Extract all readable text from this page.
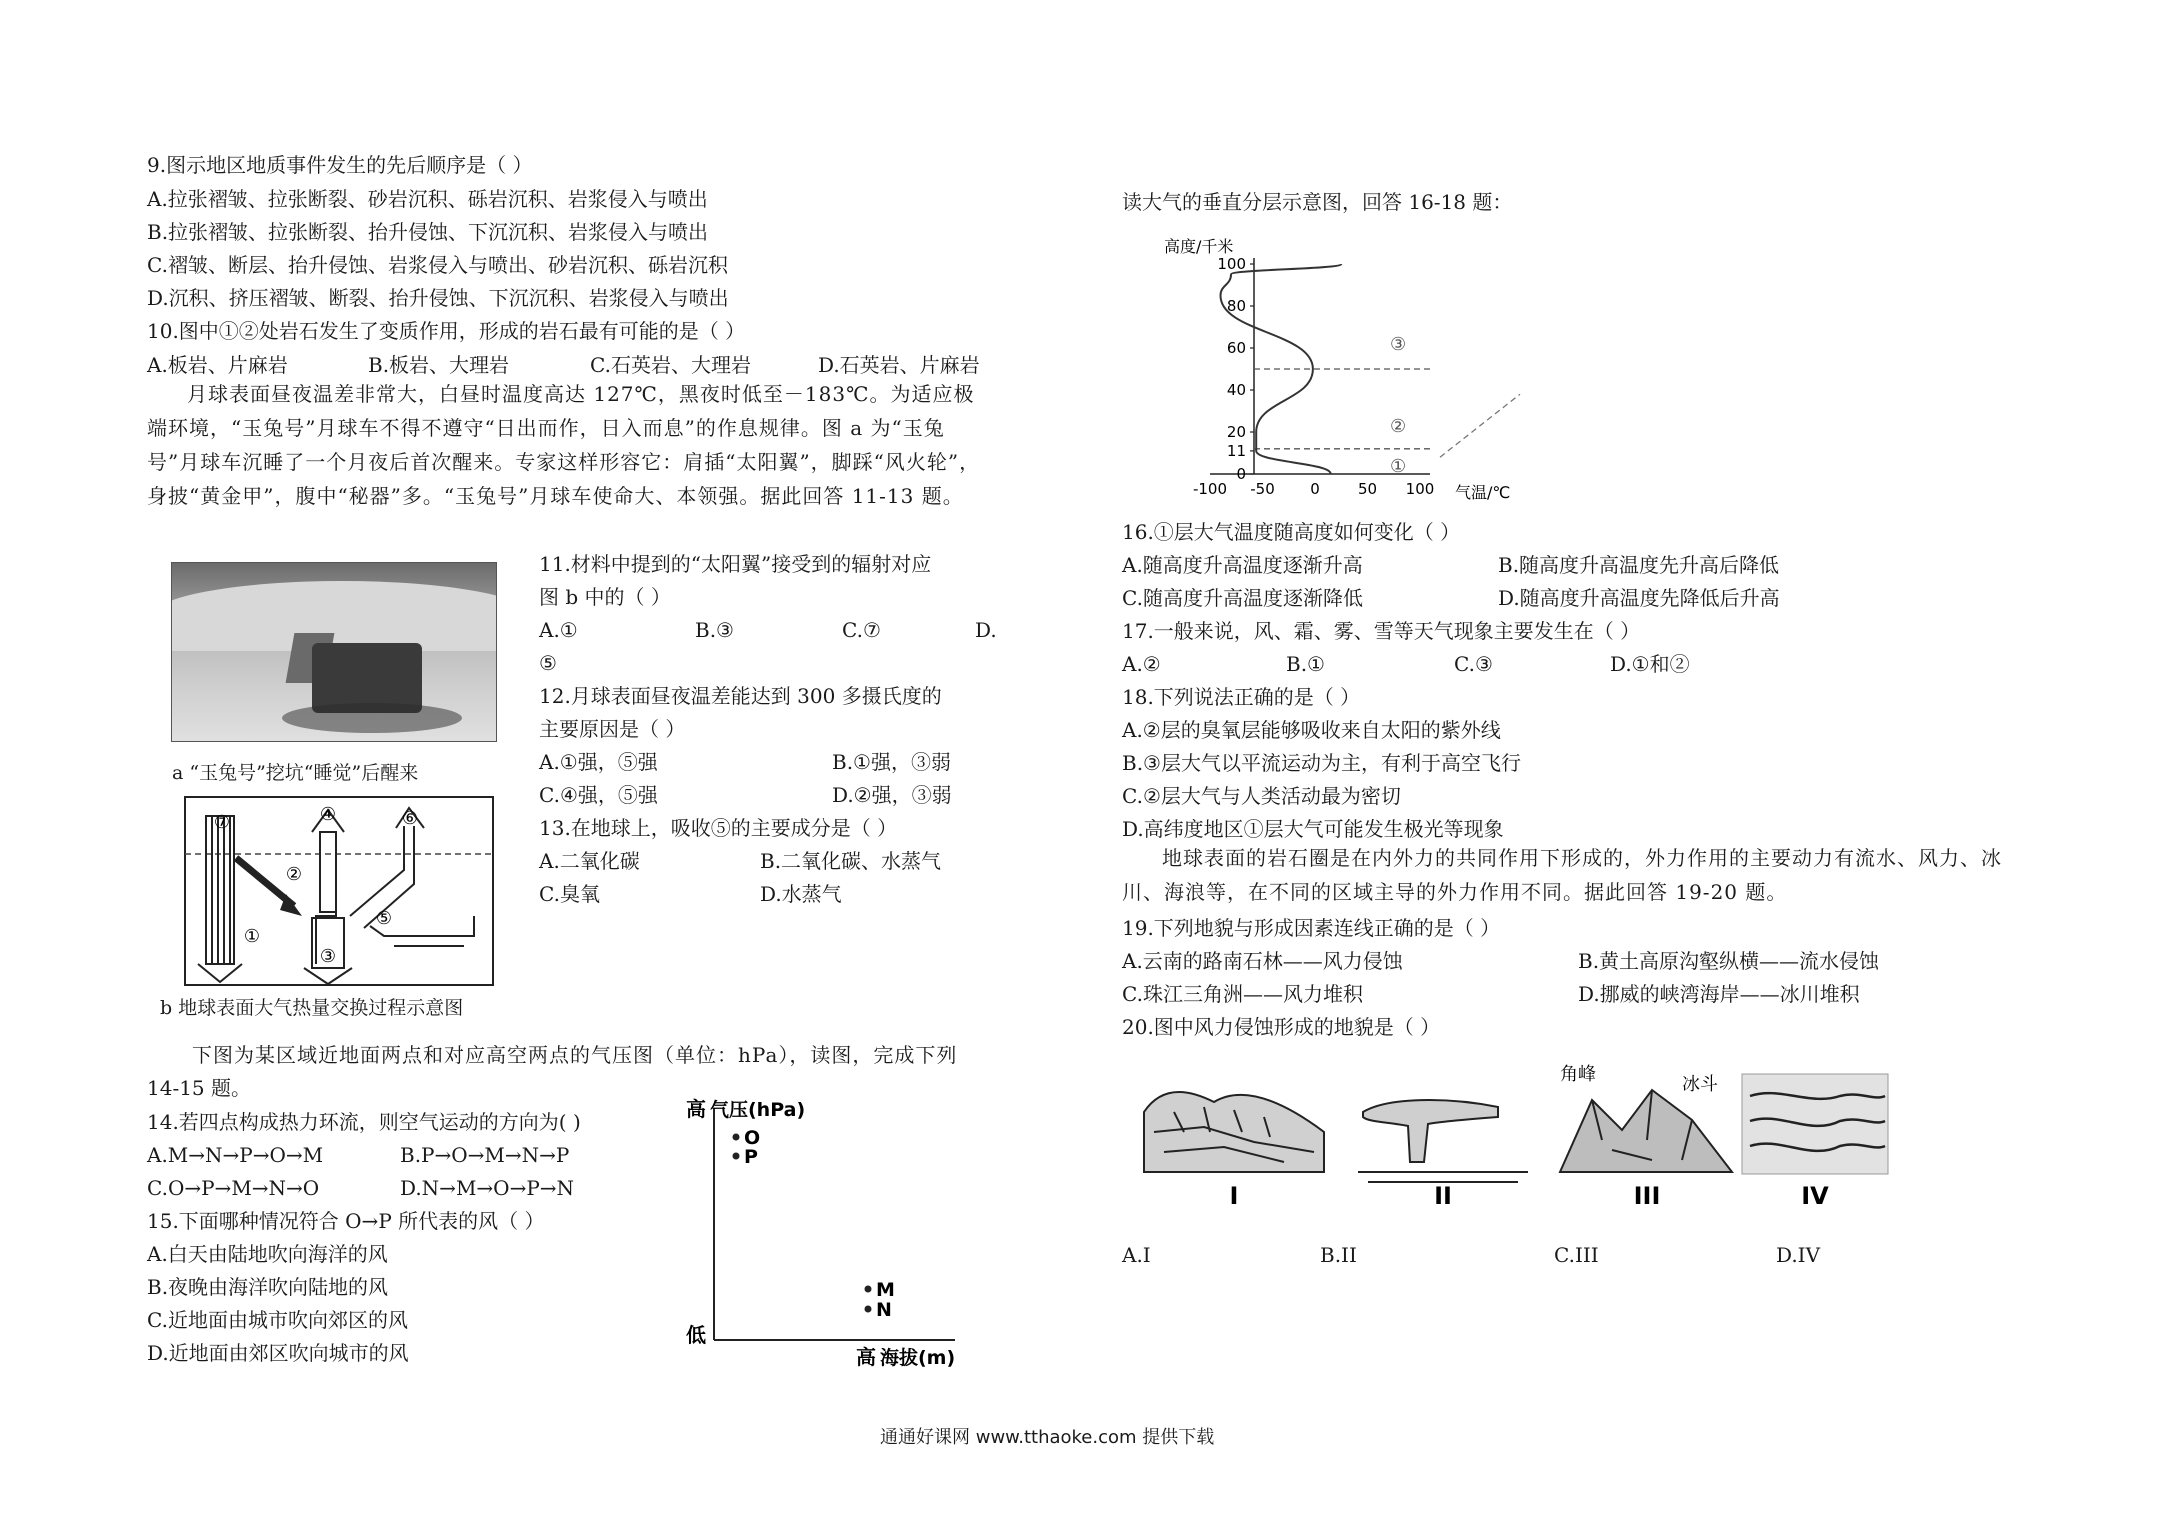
9.图示地区地质事件发生的先后顺序是（ ）
A.拉张褶皱、拉张断裂、砂岩沉积、砾岩沉积、岩浆侵入与喷出
B.拉张褶皱、拉张断裂、抬升侵蚀、下沉沉积、岩浆侵入与喷出
C.褶皱、断层、抬升侵蚀、岩浆侵入与喷出、砂岩沉积、砾岩沉积
D.沉积、挤压褶皱、断裂、抬升侵蚀、下沉沉积、岩浆侵入与喷出
10.图中①②处岩石发生了变质作用，形成的岩石最有可能的是（ ）
A.板岩、片麻岩	B.板岩、大理岩	C.石英岩、大理岩	D.石英岩、片麻岩
月球表面昼夜温差非常大，白昼时温度高达 127℃，黑夜时低至－183℃。为适应极端环境，“玉兔号”月球车不得不遵守“日出而作，日入而息”的作息规律。图 a 为“玉兔号”月球车沉睡了一个月夜后首次醒来。专家这样形容它：肩插“太阳翼”，脚踩“风火轮”，身披“黄金甲”，腹中“秘器”多。“玉兔号”月球车使命大、本领强。据此回答 11-13 题。
a “玉兔号”挖坑“睡觉”后醒来
⑦	④	⑥
②
⑤
①
③
b 地球表面大气热量交换过程示意图
11.材料中提到的“太阳翼”接受到的辐射对应
图 b 中的（ ）
A.①	B.③	C.⑦	D.
⑤
12.月球表面昼夜温差能达到 300 多摄氏度的
主要原因是（ ）
A.①强，⑤强	B.①强，③弱
C.④强，⑤强	D.②强，③弱
13.在地球上，吸收⑤的主要成分是（ ）
A.二氧化碳	B.二氧化碳、水蒸气
C.臭氧	D.水蒸气
下图为某区域近地面两点和对应高空两点的气压图（单位：hPa），读图，完成下列
14-15 题。
14.若四点构成热力环流，则空气运动的方向为( )
A.M→N→P→O→M	B.P→O→M→N→P
C.O→P→M→N→O	D.N→M→O→P→N
15.下面哪种情况符合 O→P 所代表的风（ ）
A.白天由陆地吹向海洋的风
B.夜晚由海洋吹向陆地的风
C.近地面由城市吹向郊区的风
D.近地面由郊区吹向城市的风
高 气压(hPa)
低
高 海拔(m)
O
P
M
N
读大气的垂直分层示意图，回答 16-18 题：
高度/千米
气温/℃
-100 -50 0	50 100
0
11
20
40
60
80
100
③
②
①
16.①层大气温度随高度如何变化（ ）
A.随高度升高温度逐渐升高	B.随高度升高温度先升高后降低
C.随高度升高温度逐渐降低	D.随高度升高温度先降低后升高
17.一般来说，风、霜、雾、雪等天气现象主要发生在（ ）
A.②	B.①	C.③	D.①和②
18.下列说法正确的是（ ）
A.②层的臭氧层能够吸收来自太阳的紫外线
B.③层大气以平流运动为主，有利于高空飞行
C.②层大气与人类活动最为密切
D.高纬度地区①层大气可能发生极光等现象
地球表面的岩石圈是在内外力的共同作用下形成的，外力作用的主要动力有流水、风力、冰川、海浪等，在不同的区域主导的外力作用不同。据此回答 19-20 题。
19.下列地貌与形成因素连线正确的是（ ）
A.云南的路南石林——风力侵蚀	B.黄土高原沟壑纵横——流水侵蚀
C.珠江三角洲——风力堆积	D.挪威的峡湾海岸——冰川堆积
20.图中风力侵蚀形成的地貌是（ ）
I	II
角峰	冰斗
III	IV
A.I	B.II	C.III	D.IV
通通好课网 www.tthaoke.com 提供下载
